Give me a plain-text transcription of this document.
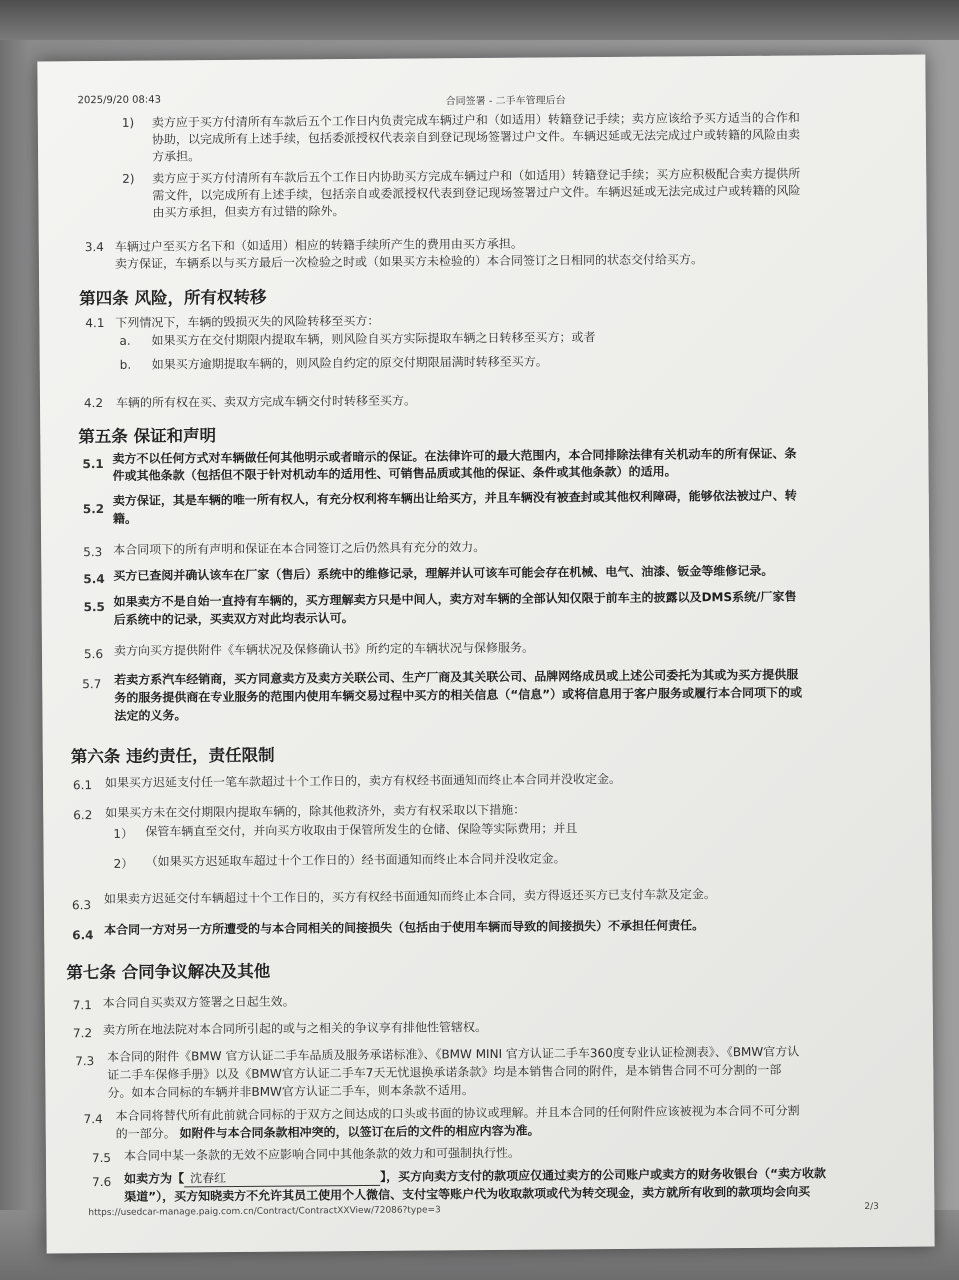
2025/9/20 08:43	合同签署 - 二手车管理后台
1) 卖方应于买方付清所有车款后五个工作日内负责完成车辆过户和（如适用）转籍登记手续；卖方应该给予买方适当的合作和
协助，以完成所有上述手续，包括委派授权代表亲自到登记现场签署过户文件。车辆迟延或无法完成过户或转籍的风险由卖
方承担。
2) 卖方应于买方付清所有车款后五个工作日内协助买方完成车辆过户和（如适用）转籍登记手续；买方应积极配合卖方提供所
需文件，以完成所有上述手续，包括亲自或委派授权代表到登记现场签署过户文件。车辆迟延或无法完成过户或转籍的风险
由买方承担，但卖方有过错的除外。
3.4 车辆过户至买方名下和（如适用）相应的转籍手续所产生的费用由买方承担。
卖方保证，车辆系以与买方最后一次检验之时或（如果买方未检验的）本合同签订之日相同的状态交付给买方。
第四条 风险，所有权转移
4.1 下列情况下，车辆的毁损灭失的风险转移至买方：
a. 如果买方在交付期限内提取车辆，则风险自买方实际提取车辆之日转移至买方；或者
b. 如果买方逾期提取车辆的，则风险自约定的原交付期限届满时转移至买方。
4.2 车辆的所有权在买、卖双方完成车辆交付时转移至买方。
第五条 保证和声明
5.1 卖方不以任何方式对车辆做任何其他明示或者暗示的保证。在法律许可的最大范围内，本合同排除法律有关机动车的所有保证、条
件或其他条款（包括但不限于针对机动车的适用性、可销售品质或其他的保证、条件或其他条款）的适用。
5.2
卖方保证，其是车辆的唯一所有权人，有充分权利将车辆出让给买方，并且车辆没有被查封或其他权利障碍，能够依法被过户、转
籍。
5.3 本合同项下的所有声明和保证在本合同签订之后仍然具有充分的效力。
5.4 买方已查阅并确认该车在厂家（售后）系统中的维修记录，理解并认可该车可能会存在机械、电气、油漆、钣金等维修记录。
5.5 如果卖方不是自始一直持有车辆的，买方理解卖方只是中间人，卖方对车辆的全部认知仅限于前车主的披露以及DMS系统/厂家售
后系统中的记录，买卖双方对此均表示认可。
5.6 卖方向买方提供附件《车辆状况及保修确认书》所约定的车辆状况与保修服务。
5.7 若卖方系汽车经销商，买方同意卖方及卖方关联公司、生产厂商及其关联公司、品牌网络成员或上述公司委托为其或为买方提供服
务的服务提供商在专业服务的范围内使用车辆交易过程中买方的相关信息（“信息”）或将信息用于客户服务或履行本合同项下的或
法定的义务。
第六条 违约责任，责任限制
6.1 如果买方迟延支付任一笔车款超过十个工作日的，卖方有权经书面通知而终止本合同并没收定金。
6.2 如果买方未在交付期限内提取车辆的，除其他救济外，卖方有权采取以下措施：
1） 保管车辆直至交付，并向买方收取由于保管所发生的仓储、保险等实际费用；并且
2） （如果买方迟延取车超过十个工作日的）经书面通知而终止本合同并没收定金。
6.3 如果卖方迟延交付车辆超过十个工作日的，买方有权经书面通知而终止本合同，卖方得返还买方已支付车款及定金。
6.4 本合同一方对另一方所遭受的与本合同相关的间接损失（包括由于使用车辆而导致的间接损失）不承担任何责任。
第七条 合同争议解决及其他
7.1 本合同自买卖双方签署之日起生效。
7.2 卖方所在地法院对本合同所引起的或与之相关的争议享有排他性管辖权。
7.3 本合同的附件《BMW 官方认证二手车品质及服务承诺标准》、《BMW MINI 官方认证二手车360度专业认证检测表》、《BMW官方认
证二手车保修手册》以及《BMW官方认证二手车7天无忧退换承诺条款》均是本销售合同的附件，是本销售合同不可分割的一部
分。如本合同标的车辆并非BMW官方认证二手车，则本条款不适用。
7.4 本合同将替代所有此前就合同标的于双方之间达成的口头或书面的协议或理解。并且本合同的任何附件应该被视为本合同不可分割
的一部分。 如附件与本合同条款相冲突的，以签订在后的文件的相应内容为准。
7.5 本合同中某一条款的无效不应影响合同中其他条款的效力和可强制执行性。
7.6 如卖方为【 沈春红	】，买方向卖方支付的款项应仅通过卖方的公司账户或卖方的财务收银台（“卖方收款
渠道”），买方知晓卖方不允许其员工使用个人微信、支付宝等账户代为收取款项或代为转交现金，卖方就所有收到的款项均会向买
https://usedcar-manage.paig.com.cn/Contract/ContractXXView/72086?type=3	2/3
